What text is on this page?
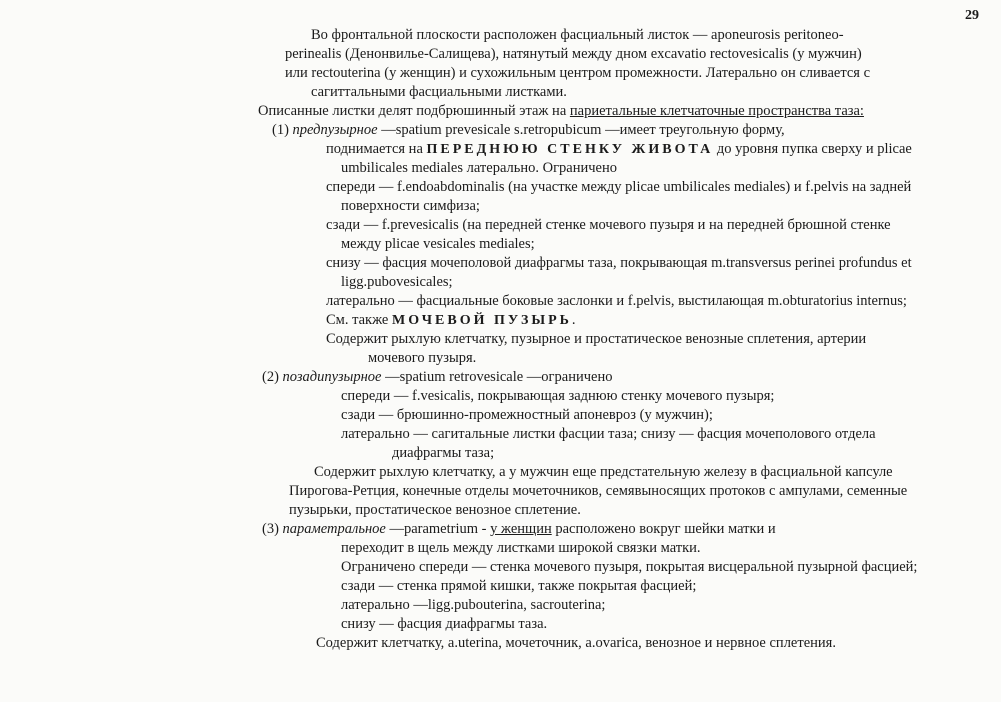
29
Во фронтальной плоскости расположен фасциальный листок — aponeurosis peritoneo-
perinealis (Денонвилье-Салищева), натянутый между дном excavatio rectovesicalis (у мужчин)
или rectouterina (у женщин) и сухожильным центром промежности. Латерально он сливается с
сагиттальными фасциальными листками.
Описанные листки делят подбрюшинный этаж на париетальные клетчаточные пространства таза:
(1) предпузырное —spatium prevesicale s.retropubicum —имеет треугольную форму,
поднимается на ПЕРЕДНЮЮ СТЕНКУ ЖИВОТА до уровня пупка сверху и plicae
umbilicales mediales латерально. Ограничено
спереди — f.endoabdominalis (на участке между plicae umbilicales mediales) и f.pelvis на задней
поверхности симфиза;
сзади — f.prevesicalis (на передней стенке мочевого пузыря и на передней брюшной стенке
между plicae vesicales mediales;
снизу — фасция мочеполовой диафрагмы таза, покрывающая m.transversus perinei profundus et
ligg.pubovesicales;
латерально — фасциальные боковые заслонки и f.pelvis, выстилающая m.obturatorius internus;
См. также МОЧЕВОЙ ПУЗЫРЬ.
Содержит рыхлую клетчатку, пузырное и простатическое венозные сплетения, артерии
мочевого пузыря.
(2) позадипузырное —spatium retrovesicale —ограничено
спереди — f.vesicalis, покрывающая заднюю стенку мочевого пузыря;
сзади — брюшинно-промежностный апоневроз (у мужчин);
латерально — сагитальные листки фасции таза; снизу — фасция мочеполового отдела
диафрагмы таза;
Содержит рыхлую клетчатку, а у мужчин еще предстательную железу в фасциальной капсуле
Пирогова-Ретция, конечные отделы мочеточников, семявыносящих протоков с ампулами, семенные
пузырьки, простатическое венозное сплетение.
(3) параметральное —parametrium - у женщин расположено вокруг шейки матки и
переходит в щель между листками широкой связки матки.
Ограничено спереди — стенка мочевого пузыря, покрытая висцеральной пузырной фасцией;
сзади — стенка прямой кишки, также покрытая фасцией;
латерально —ligg.pubouterina, sacrouterina;
снизу — фасция диафрагмы таза.
Содержит клетчатку, a.uterina, мочеточник, a.ovarica, венозное и нервное сплетения.
